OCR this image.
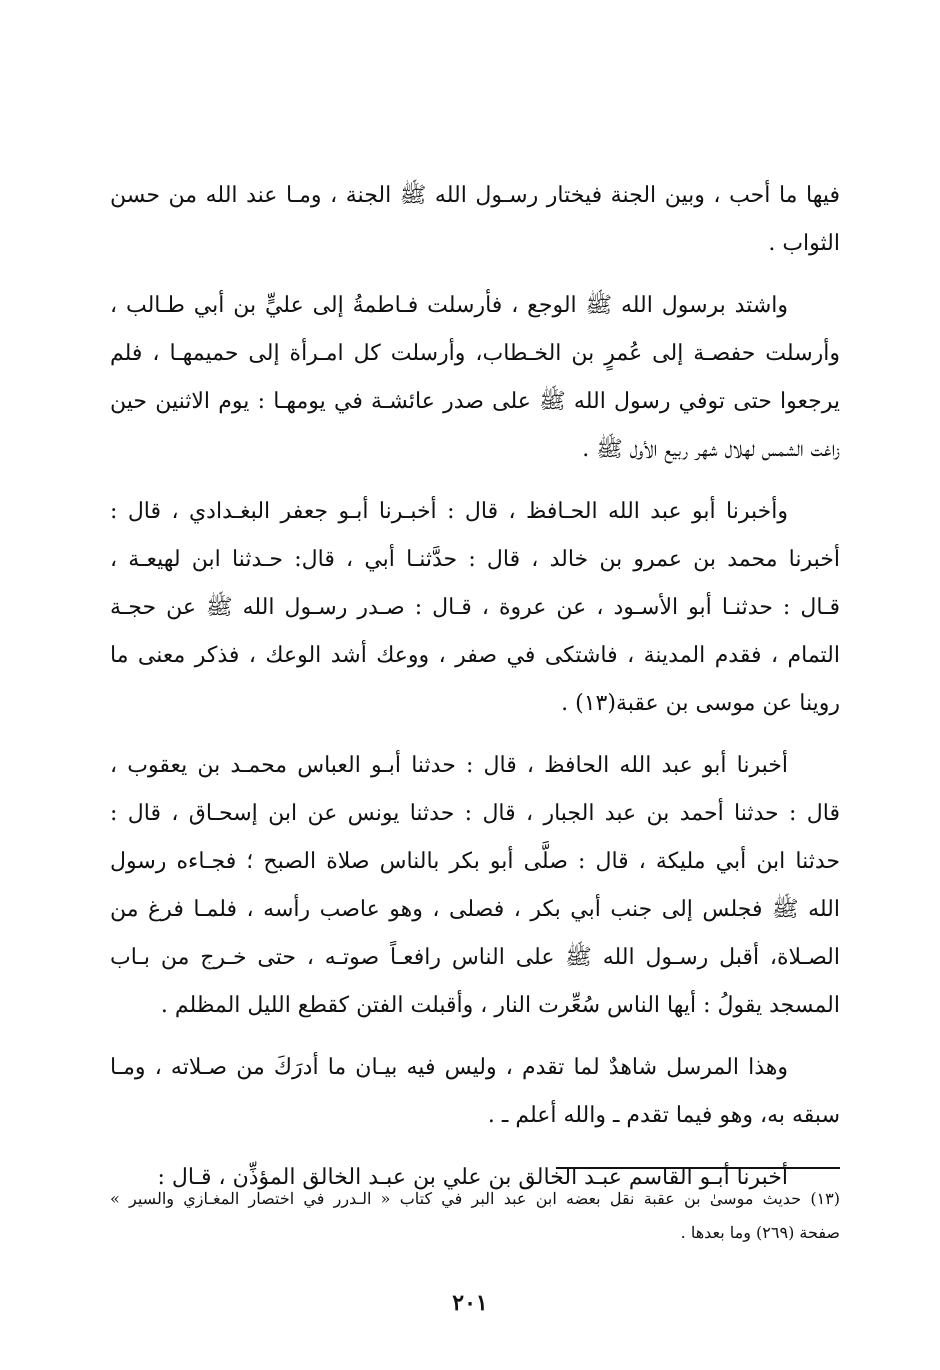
فيها ما أحب ، وبين الجنة فيختار رسـول الله ﷺ الجنة ، ومـا عند الله من حسن
الثواب .
واشتد برسول الله ﷺ الوجع ، فأرسلت فـاطمةُ إلى عليٍّ بن أبي طـالب ،
وأرسلت حفصـة إلى عُمرٍ بن الخـطاب، وأرسلت كل امـرأة إلى حميمهـا ، فلم
يرجعوا حتى توفي رسول الله ﷺ على صدر عائشـة في يومهـا : يوم الاثنين حين
زاغت الشمس لهلال شهر ربيع الأول ﷺ .
وأخبرنا أبو عبد الله الحـافظ ، قال : أخبـرنا أبـو جعفر البغـدادي ، قال :
أخبرنا محمد بن عمرو بن خالد ، قال : حدَّثنـا أبي ، قال: حـدثنا ابن لهيعـة ،
قـال : حدثنـا أبو الأسـود ، عن عروة ، قـال : صـدر رسـول الله ﷺ عن حجـة
التمام ، فقدم المدينة ، فاشتكى في صفر ، ووعك أشد الوعك ، فذكر معنى ما
روينا عن موسى بن عقبة(١٣) .
أخبرنا أبو عبد الله الحافظ ، قال : حدثنا أبـو العباس محمـد بن يعقوب ،
قال : حدثنا أحمد بن عبد الجبار ، قال : حدثنا يونس عن ابن إسحـاق ، قال :
حدثنا ابن أبي مليكة ، قال : صلَّى أبو بكر بالناس صلاة الصبح ؛ فجـاءه رسول
الله ﷺ فجلس إلى جنب أبي بكر ، فصلى ، وهو عاصب رأسه ، فلمـا فرغ من
الصـلاة، أقبل رسـول الله ﷺ على الناس رافعـاً صوتـه ، حتى خـرج من بـاب
المسجد يقولُ : أيها الناس سُعِّرت النار ، وأقبلت الفتن كقطع الليل المظلم .
وهذا المرسل شاهدٌ لما تقدم ، وليس فيه بيـان ما أدرَكَ من صـلاته ، ومـا
سبقه به، وهو فيما تقدم ـ والله أعلم ـ .
أخبرنا أبـو القاسم عبـد الخالق بن علي بن عبـد الخالق المؤذِّن ، قـال :
(١٣) حديث موسىٰ بن عقبة نقل بعضه ابن عبد البر في كتاب « الـدرر في اختصار المغـازي والسير »
صفحة (٢٦٩) وما بعدها .
٢٠١
